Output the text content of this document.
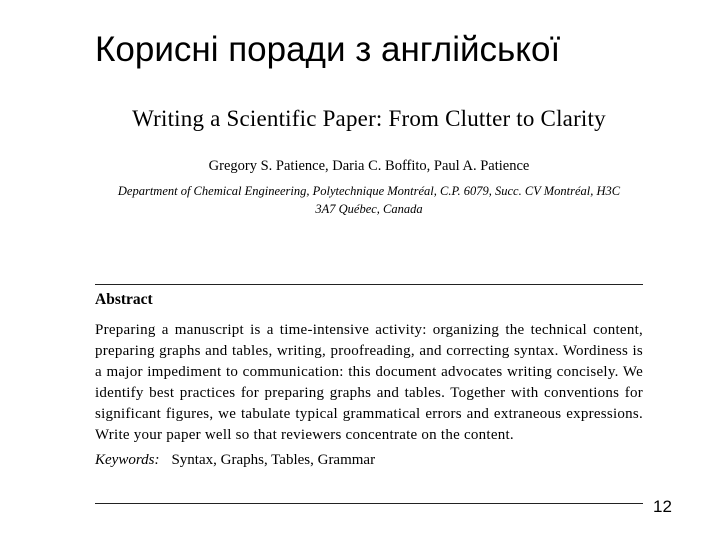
Корисні поради з англійської
Writing a Scientific Paper: From Clutter to Clarity
Gregory S. Patience, Daria C. Boffito, Paul A. Patience
Department of Chemical Engineering, Polytechnique Montréal, C.P. 6079, Succ. CV Montréal, H3C 3A7 Québec, Canada
Abstract
Preparing a manuscript is a time-intensive activity: organizing the technical content, preparing graphs and tables, writing, proofreading, and correcting syntax. Wordiness is a major impediment to communication: this document advocates writing concisely. We identify best practices for preparing graphs and tables. Together with conventions for significant figures, we tabulate typical grammatical errors and extraneous expressions. Write your paper well so that reviewers concentrate on the content.
Keywords: Syntax, Graphs, Tables, Grammar
12
